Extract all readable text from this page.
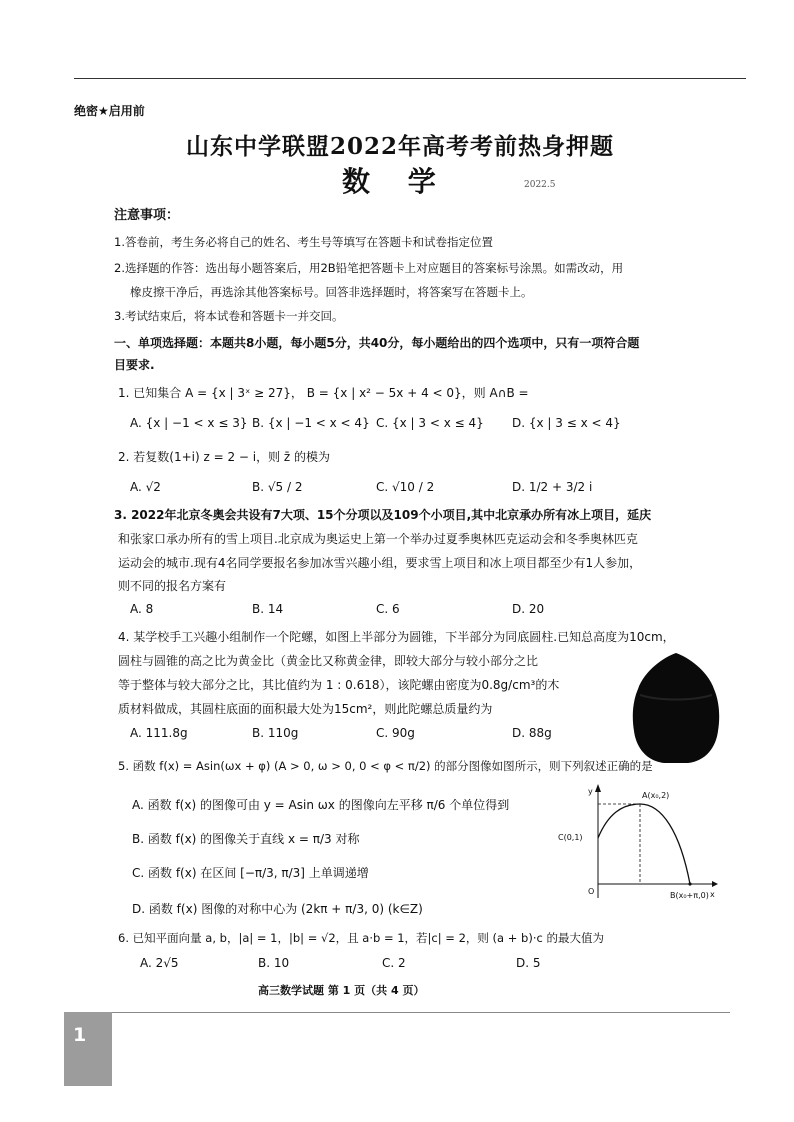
绝密★启用前
山东中学联盟2022年高考考前热身押题
数 学	2022.5
注意事项：
1.答卷前，考生务必将自己的姓名、考生号等填写在答题卡和试卷指定位置
2.选择题的作答：选出每小题答案后，用2B铅笔把答题卡上对应题目的答案标号涂黑。如需改动，用
橡皮擦干净后，再选涂其他答案标号。回答非选择题时，将答案写在答题卡上。
3.考试结束后，将本试卷和答题卡一并交回。
一、单项选择题：本题共8小题，每小题5分，共40分，每小题给出的四个选项中，只有一项符合题
目要求.
1. 已知集合 A = {x | 3ˣ ≥ 27}， B = {x | x² − 5x + 4 < 0}，则 A∩B =
A. {x | −1 < x ≤ 3} B. {x | −1 < x < 4} C. {x | 3 < x ≤ 4} D. {x | 3 ≤ x < 4}
2. 若复数(1+i) z = 2 − i，则 z̄ 的模为
A. √2	B. √5 / 2	C. √10 / 2	D. 1/2 + 3/2 i
3. 2022年北京冬奥会共设有7大项、15个分项以及109个小项目,其中北京承办所有冰上项目，延庆
和张家口承办所有的雪上项目.北京成为奥运史上第一个举办过夏季奥林匹克运动会和冬季奥林匹克
运动会的城市.现有4名同学要报名参加冰雪兴趣小组，要求雪上项目和冰上项目都至少有1人参加，
则不同的报名方案有
A. 8	B. 14	C. 6	D. 20
4. 某学校手工兴趣小组制作一个陀螺，如图上半部分为圆锥，下半部分为同底圆柱.已知总高度为10cm，
圆柱与圆锥的高之比为黄金比（黄金比又称黄金律，即较大部分与较小部分之比
等于整体与较大部分之比，其比值约为 1 : 0.618），该陀螺由密度为0.8g/cm³的木
质材料做成，其圆柱底面的面积最大处为15cm²，则此陀螺总质量约为
A. 111.8g	B. 110g	C. 90g	D. 88g
5. 函数 f(x) = Asin(ωx + φ) (A > 0, ω > 0, 0 < φ < π/2) 的部分图像如图所示，则下列叙述正确的是
A. 函数 f(x) 的图像可由 y = Asin ωx 的图像向左平移 π/6 个单位得到
B. 函数 f(x) 的图像关于直线 x = π/3 对称
C. 函数 f(x) 在区间 [−π/3, π/3] 上单调递增
D. 函数 f(x) 图像的对称中心为 (2kπ + π/3, 0) (k∈Z)
6. 已知平面向量 a, b，|a| = 1，|b| = √2，且 a·b = 1，若|c| = 2，则 (a + b)·c 的最大值为
A. 2√5	B. 10	C. 2	D. 5
高三数学试题 第 1 页（共 4 页）
y
x
O
A(x₀,2)
C(0,1)
B(x₀+π,0)
1
